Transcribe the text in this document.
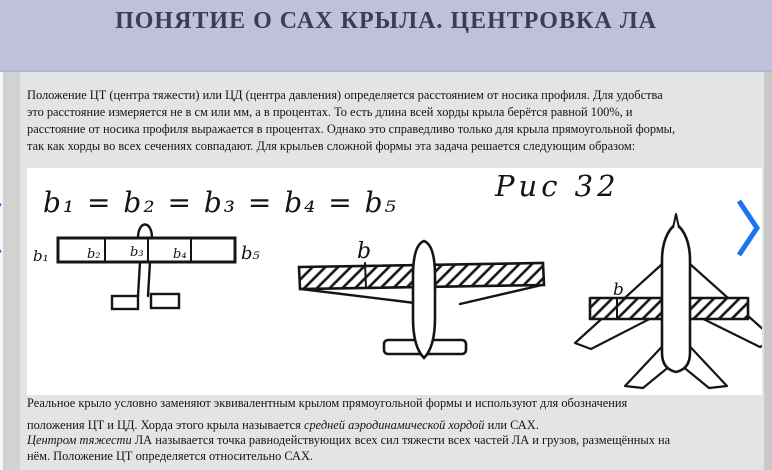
ПОНЯТИЕ О САХ КРЫЛА. ЦЕНТРОВКА ЛА
Положение ЦТ (центра тяжести) или ЦД (центра давления) определяется расстоянием от носика профиля. Для удобства
это расстояние измеряется не в см или мм, а в процентах. То есть длина всей хорды крыла берётся равной 100%, и
расстояние от носика профиля выражается в процентах. Однако это справедливо только для крыла прямоугольной формы,
так как хорды во всех сечениях совпадают. Для крыльев сложной формы эта задача решается следующим образом:
b₁ = b₂ = b₃ = b₄ = b₅	Рис 32
b₁	b₂ b₃ b₄	b₅	b
b
Реальное крыло условно заменяют эквивалентным крылом прямоугольной формы и используют для обозначения
положения ЦТ и ЦД. Хорда этого крыла называется средней аэродинамической хордой или САХ.
Центром тяжести ЛА называется точка равнодействующих всех сил тяжести всех частей ЛА и грузов, размещённых на
нём. Положение ЦТ определяется относительно САХ.
